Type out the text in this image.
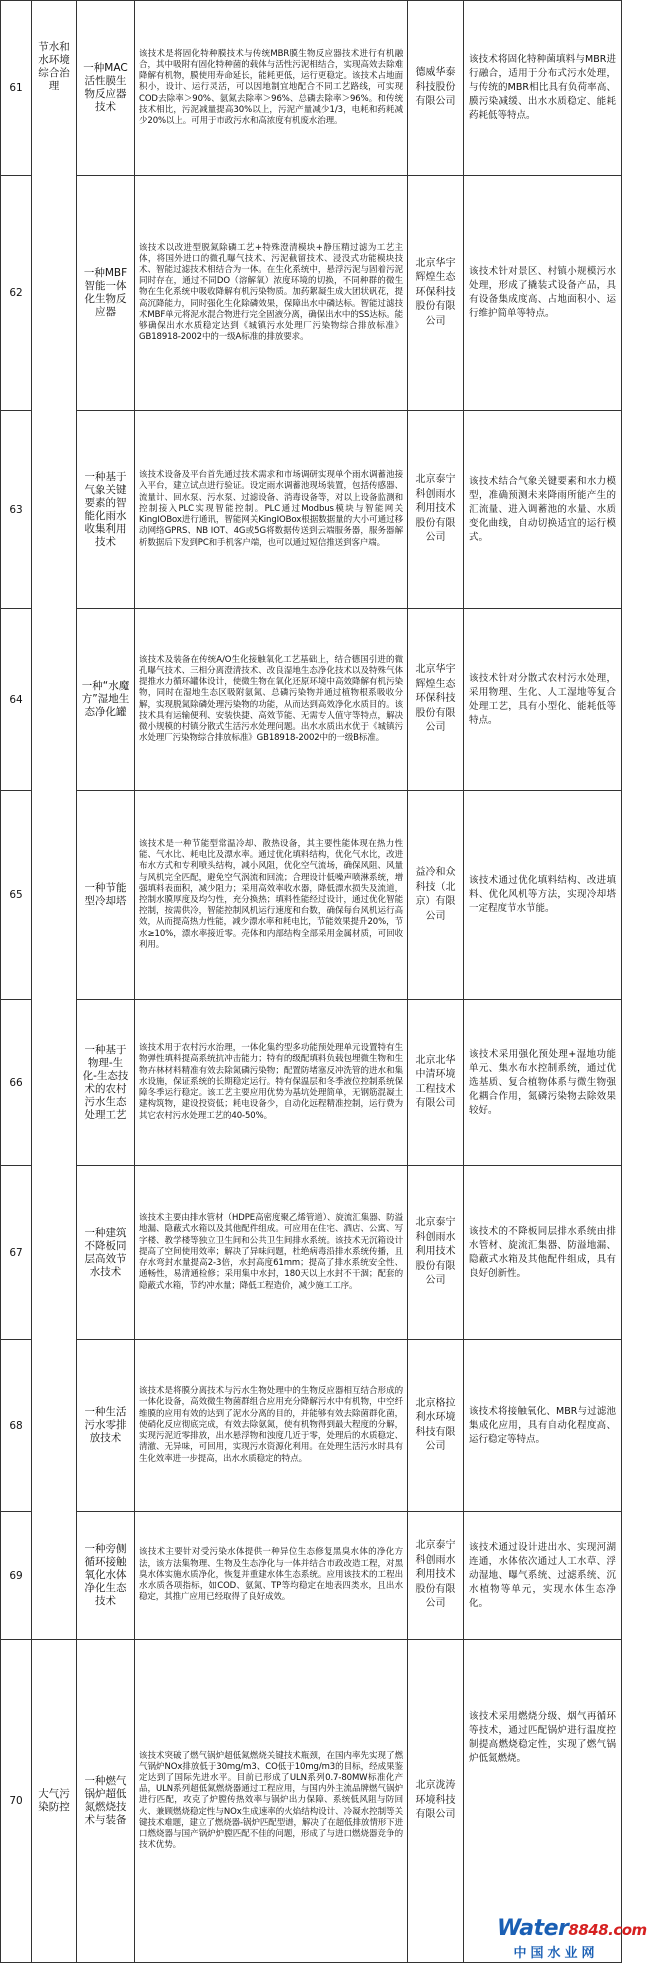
61	节水和水环境综合治理	一种MAC活性膜生物反应器技术	该技术是将固化特种膜技术与传统MBR膜生物反应器技术进行有机融合，其中吸附有固化特种菌的载体与活性污泥相结合，实现高效去除难降解有机物，膜使用寿命延长，能耗更低，运行更稳定。该技术占地面积小，设计、运行灵活，可以因地制宜地配合不同工艺路线，可实现COD去除率＞90%、氨氮去除率＞96%、总磷去除率＞96%。和传统技术相比，污泥减量提高30%以上，污泥产量减少1/3，电耗和药耗减少20%以上。可用于市政污水和高浓度有机废水治理。	德威华泰科技股份有限公司	该技术将固化特种菌填料与MBR进行融合，适用于分布式污水处理，与传统的MBR相比具有负荷率高、膜污染减缓、出水水质稳定、能耗药耗低等特点。
62		一种MBF智能一体化生物反应器	该技术以改进型脱氮除磷工艺+特殊澄清模块+静压精过滤为工艺主体，将国外进口的微孔曝气技术、污泥截留技术、浸没式功能模块技术、智能过滤技术相结合为一体。在生化系统中，悬浮污泥与固着污泥同时存在，通过不同DO（溶解氧）浓度环境的切换，不同种群的微生物在生化系统中吸收降解有机污染物质。加药絮凝生成大团状矾花，提高沉降能力，同时强化生化除磷效果，保障出水中磷达标。智能过滤技术MBF单元将泥水混合物进行完全固液分离，确保出水中的SS达标。能够确保出水水质稳定达到《城镇污水处理厂污染物综合排放标准》GB18918-2002中的一级A标准的排放要求。	北京华宇辉煌生态环保科技股份有限公司	该技术针对景区、村镇小规模污水处理，形成了撬装式设备产品，具有设备集成度高、占地面积小、运行维护简单等特点。
63		一种基于气象关键要素的智能化雨水收集利用技术	该技术设备及平台首先通过技术需求和市场调研实现单个雨水调蓄池接入平台，建立试点进行验证。设定雨水调蓄池现场装置，包括传感器、流量计、回水泵、污水泵、过滤设备、消毒设备等，对以上设备监测和控制接入PLC实现智能控制。PLC通过Modbus模块与智能网关KingIOBox进行通讯，智能网关KingIOBox根据数据量的大小可通过移动网络GPRS、NB IOT、4G或5G将数据传送到云端服务器，服务器解析数据后下发到PC和手机客户端，也可以通过短信推送到客户端。	北京泰宁科创雨水利用技术股份有限公司	该技术结合气象关键要素和水力模型，准确预测未来降雨所能产生的汇流量、进入调蓄池的水量、水质变化曲线，自动切换适宜的运行模式。
64		一种“水魔方”湿地生态净化罐	该技术及装备在传统A/O生化接触氧化工艺基础上，结合德国引进的微孔曝气技术、三相分离澄清技术、改良湿地生态净化技术以及特殊气体提推水力循环罐体设计，使微生物在氧化还原环境中高效降解有机污染物，同时在湿地生态区吸附氨氮、总磷污染物并通过植物根系吸收分解，实现脱氮除磷处理污染物的功能，从而达到高效净化水质目的。该技术具有运输便利、安装快捷、高效节能、无需专人值守等特点，解决微小规模的村镇分散式生活污水处理问题。出水水质出水优于《城镇污水处理厂污染物综合排放标准》GB18918-2002中的一级B标准。	北京华宇辉煌生态环保科技股份有限公司	该技术针对分散式农村污水处理，采用物理、生化、人工湿地等复合处理工艺，具有小型化、能耗低等特点。
65		一种节能型冷却塔	该技术是一种节能型常温冷却、散热设备，其主要性能体现在热力性能、气水比、耗电比及漂水率。通过优化填料结构，优化气水比，改进布水方式和专利喷头结构，减小风阻，优化空气流场，确保风阻、风量与风机完全匹配，避免空气涡流和回流；合理设计低噪声喷淋系统，增强填料表面积，减少阻力；采用高效率收水器，降低漂水损失及流道，控制水膜厚度及均匀性，充分换热；填料性能经过设计，通过优化智能控制，按需供冷，智能控制风机运行速度和台数，确保每台风机运行高效，从而提高热力性能，减少漂水率和耗电比，节能效果提升20%，节水≥10%，漂水率接近零。壳体和内部结构全部采用金属材质，可回收利用。	益冷和众科技（北京）有限公司	该技术通过优化填料结构、改进填料、优化风机等方法，实现冷却塔一定程度节水节能。
66		一种基于物理-生化-生态技术的农村污水生态处理工艺	该技术用于农村污水治理，一体化集约型多功能预处理单元设置特有生物弹性填料提高系统抗冲击能力；特有的级配填料负载包埋微生物和生物卉林材料精准有效去除氮磷污染物；配置防堵塞反冲洗管的进水和集水设施，保证系统的长期稳定运行。特有保温层和冬季液位控制系统保障冬季运行稳定。该工艺主要应用优势为基坑处理简单，无钢筋混凝土建构筑物，建设投资低；耗电设备少，自动化远程精准控制，运行费为其它农村污水处理工艺的40-50%。	北京北华中清环境工程技术有限公司	该技术采用强化预处理+湿地功能单元、集水布水控制系统，通过优选基质、复合植物体系与微生物强化耦合作用，氮磷污染物去除效果较好。
67		一种建筑不降板同层高效节水技术	该技术主要由排水管材（HDPE高密度聚乙烯管道）、旋流汇集器、防溢地漏、隐蔽式水箱以及其他配件组成。可应用在住宅、酒店、公寓、写字楼、教学楼等独立卫生间和公共卫生间排水系统。该技术无沉箱设计提高了空间使用效率；解决了异味问题，杜绝病毒沿排水系统传播，且存水弯封水量提高2-3倍，水封高度61mm；提高了排水系统安全性、通畅性，易清通检修；采用集中水封，180天以上水封不干涸；配套的隐蔽式水箱，节约冲水量；降低工程造价，减少施工工序。	北京泰宁科创雨水利用技术股份有限公司	该技术的不降板同层排水系统由排水管材、旋流汇集器、防溢地漏、隐蔽式水箱及其他配件组成，具有良好创新性。
68		一种生活污水零排放技术	该技术是将膜分离技术与污水生物处理中的生物反应器相互结合形成的一体化设备，高效微生物菌群组合应用充分降解污水中有机物，中空纤维膜的应用有效的达到了泥水分离的目的，并能够有效去除菌群化菌，使硝化反应彻底完成，有效去除氨氮，使有机物得到最大程度的分解，实现污泥近零排放，出水悬浮物和浊度几近于零，处理后的水质稳定、清澈、无异味，可回用，实现污水资源化利用。在处理生活污水时具有生化效率进一步提高，出水水质稳定的特点。	北京格拉利水环境科技有限公司	该技术将接触氧化、MBR与过滤池集成化应用，具有自动化程度高、运行稳定等特点。
69		一种旁侧循环接触氧化水体净化生态技术	该技术主要针对受污染水体提供一种异位生态修复黑臭水体的净化方法，该方法集物理、生物及生态净化与一体并结合市政改造工程，对黑臭水体实施水质净化，恢复并重建水体生态系统。应用该技术的工程出水水质各项指标，如COD、氨氮、TP等均稳定在地表四类水，且出水稳定，其推广应用已经取得了良好成效。	北京泰宁科创雨水利用技术股份有限公司	该技术通过设计进出水、实现河湖连通，水体依次通过人工水草、浮动湿地、曝气系统、过滤系统、沉水植物等单元，实现水体生态净化。
70	大气污染防控	一种燃气锅炉超低氮燃烧技术与装备	该技术突破了燃气锅炉超低氮燃烧关键技术瓶颈，在国内率先实现了燃气锅炉NOx排放低于30mg/m3、CO低于10mg/m3的目标，经成果鉴定达到了国际先进水平。目前已形成了ULN系列0.7-80MW标准化产品，ULN系列超低氮燃烧器通过工程应用，与国内外主流品牌燃气锅炉进行匹配，攻克了炉膛传热效率与锅炉出力保障、系统低风阻与防回火、兼顾燃烧稳定性与NOx生成速率的火焰结构设计、冷凝水控制等关键技术难题，建立了燃烧器-锅炉匹配型谱，解决了在超低排放情形下进口燃烧器与国产锅炉炉膛匹配不佳的问题，形成了与进口燃烧器竞争的技术优势。	北京泷涛环境科技有限公司	该技术采用燃烧分级、烟气再循环等技术，通过匹配锅炉进行温度控制提高燃烧稳定性，实现了燃气锅炉低氮燃烧。
Water8848.com
中国水业网
